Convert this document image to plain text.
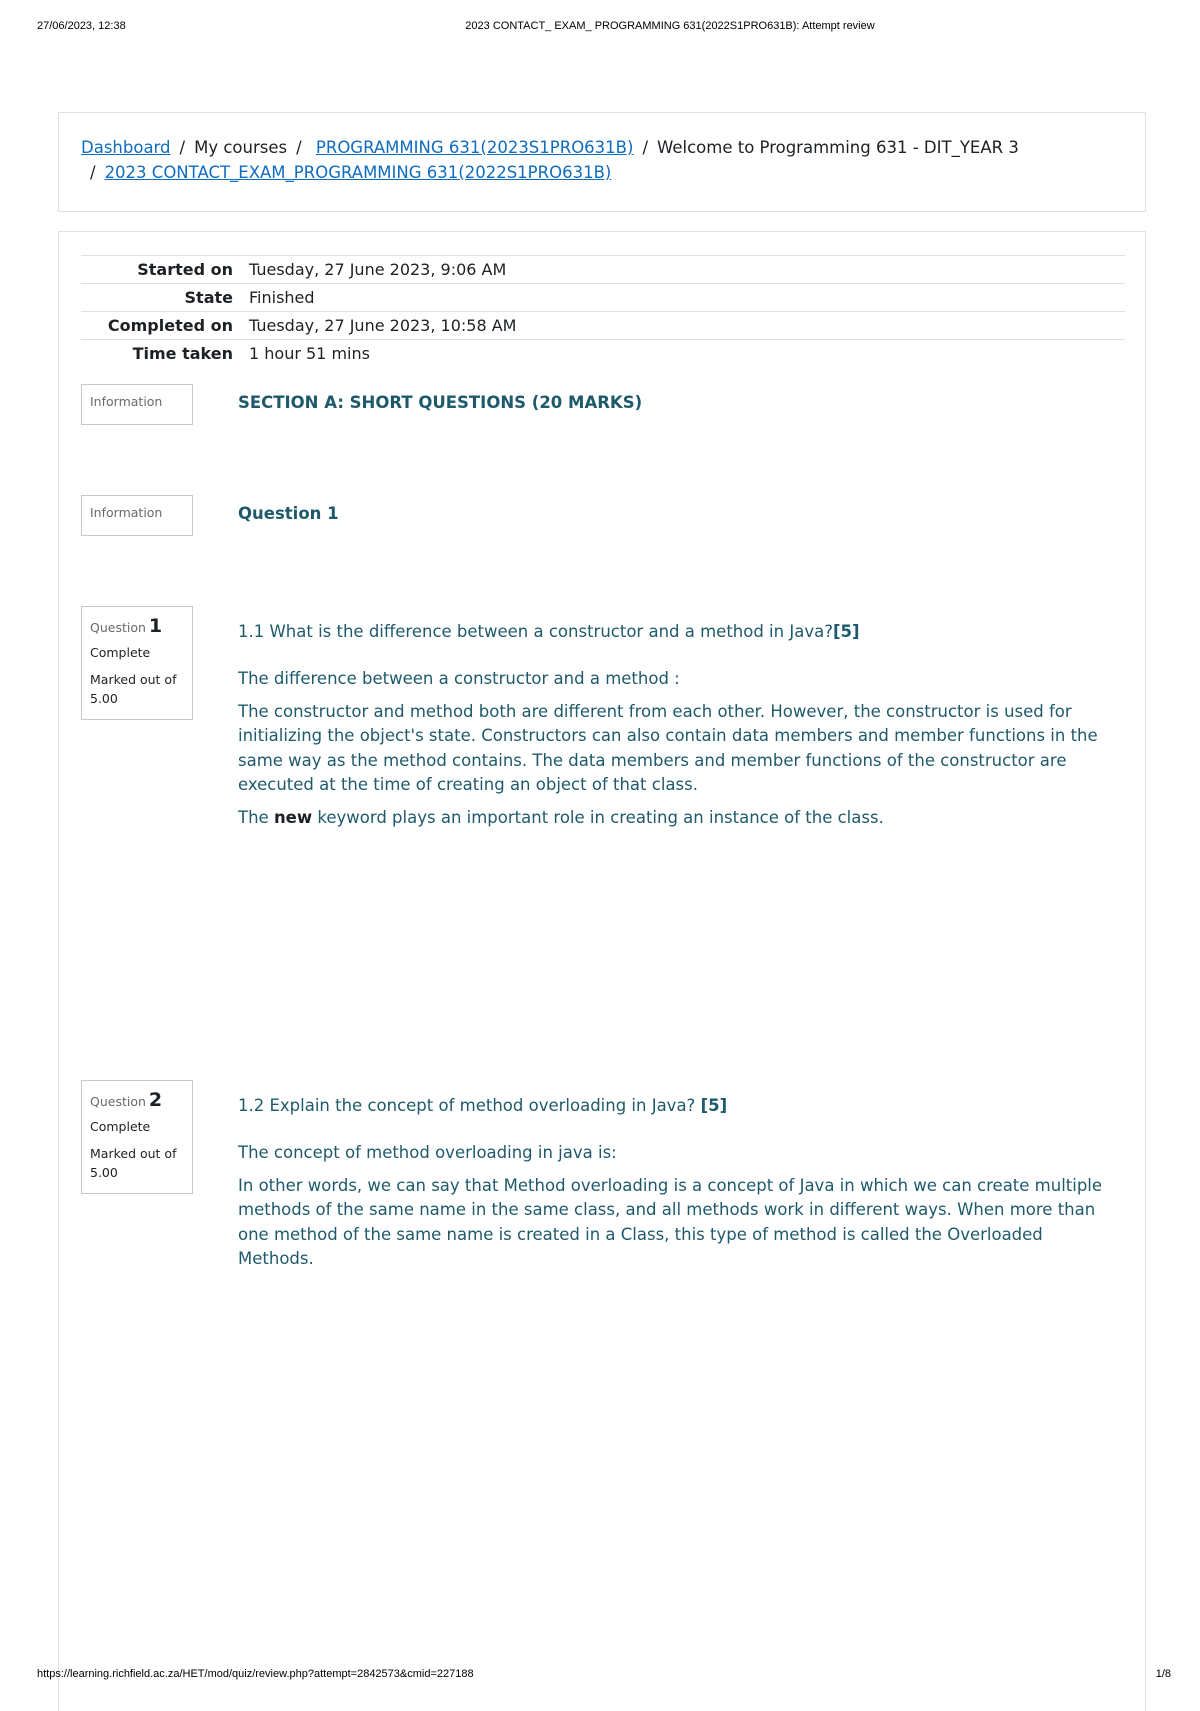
27/06/2023, 12:38	2023 CONTACT_ EXAM_ PROGRAMMING 631(2022S1PRO631B): Attempt review
Dashboard / My courses / PROGRAMMING 631(2023S1PRO631B) / Welcome to Programming 631 - DIT_YEAR 3
/ 2023 CONTACT_EXAM_PROGRAMMING 631(2022S1PRO631B)
Started on Tuesday, 27 June 2023, 9:06 AM
State Finished
Completed on Tuesday, 27 June 2023, 10:58 AM
Time taken 1 hour 51 mins
Information	SECTION A: SHORT QUESTIONS (20 MARKS)
Information	Question 1
Question 1
Complete
Marked out of 5.00
1.1 What is the difference between a constructor and a method in Java?[5]

The difference between a constructor and a method :

The constructor and method both are different from each other. However, the constructor is used for initializing the object's state. Constructors can also contain data members and member functions in the same way as the method contains. The data members and member functions of the constructor are executed at the time of creating an object of that class.

The new keyword plays an important role in creating an instance of the class.

Question 2
Complete
Marked out of 5.00
1.2 Explain the concept of method overloading in Java? [5]

The concept of method overloading in java is:

In other words, we can say that Method overloading is a concept of Java in which we can create multiple methods of the same name in the same class, and all methods work in different ways. When more than one method of the same name is created in a Class, this type of method is called the Overloaded Methods.

https://learning.richfield.ac.za/HET/mod/quiz/review.php?attempt=2842573&cmid=227188	1/8
